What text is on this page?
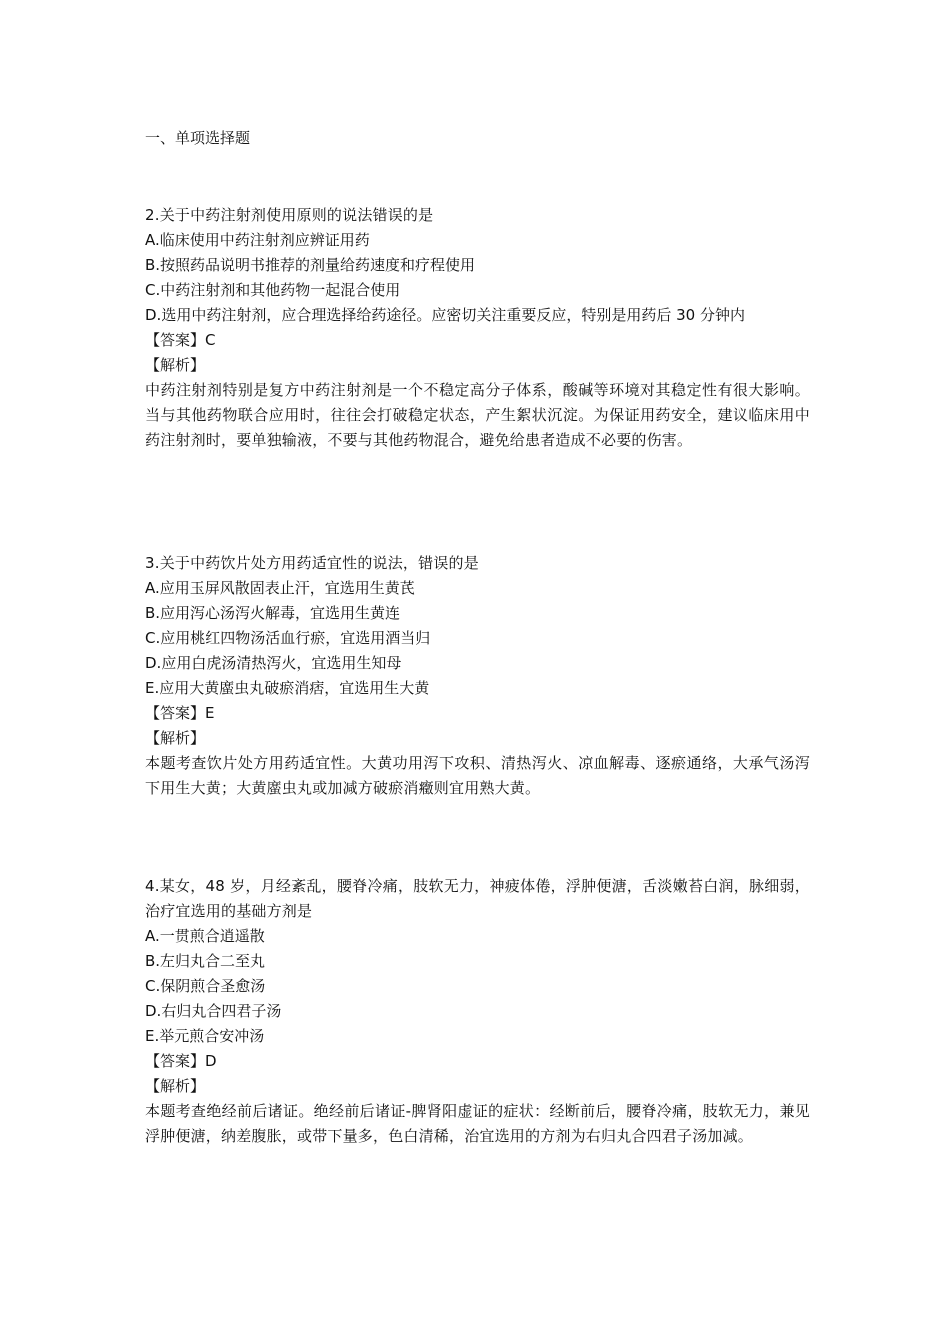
一、单项选择题
2.关于中药注射剂使用原则的说法错误的是
A.临床使用中药注射剂应辨证用药
B.按照药品说明书推荐的剂量给药速度和疗程使用
C.中药注射剂和其他药物一起混合使用
D.选用中药注射剂，应合理选择给药途径。应密切关注重要反应，特别是用药后 30 分钟内
【答案】C
【解析】
中药注射剂特别是复方中药注射剂是一个不稳定高分子体系，酸碱等环境对其稳定性有很大影响。当与其他药物联合应用时，往往会打破稳定状态，产生絮状沉淀。为保证用药安全，建议临床用中药注射剂时，要单独输液，不要与其他药物混合，避免给患者造成不必要的伤害。
3.关于中药饮片处方用药适宜性的说法，错误的是
A.应用玉屏风散固表止汗，宜选用生黄芪
B.应用泻心汤泻火解毒，宜选用生黄连
C.应用桃红四物汤活血行瘀，宜选用酒当归
D.应用白虎汤清热泻火，宜选用生知母
E.应用大黄䗪虫丸破瘀消痞，宜选用生大黄
【答案】E
【解析】
本题考查饮片处方用药适宜性。大黄功用泻下攻积、清热泻火、凉血解毒、逐瘀通络，大承气汤泻下用生大黄；大黄䗪虫丸或加减方破瘀消癥则宜用熟大黄。
4.某女，48 岁，月经紊乱，腰脊冷痛，肢软无力，神疲体倦，浮肿便溏，舌淡嫩苔白润，脉细弱，治疗宜选用的基础方剂是
A.一贯煎合逍遥散
B.左归丸合二至丸
C.保阴煎合圣愈汤
D.右归丸合四君子汤
E.举元煎合安冲汤
【答案】D
【解析】
本题考查绝经前后诸证。绝经前后诸证-脾肾阳虚证的症状：经断前后，腰脊冷痛，肢软无力，兼见浮肿便溏，纳差腹胀，或带下量多，色白清稀，治宜选用的方剂为右归丸合四君子汤加减。
